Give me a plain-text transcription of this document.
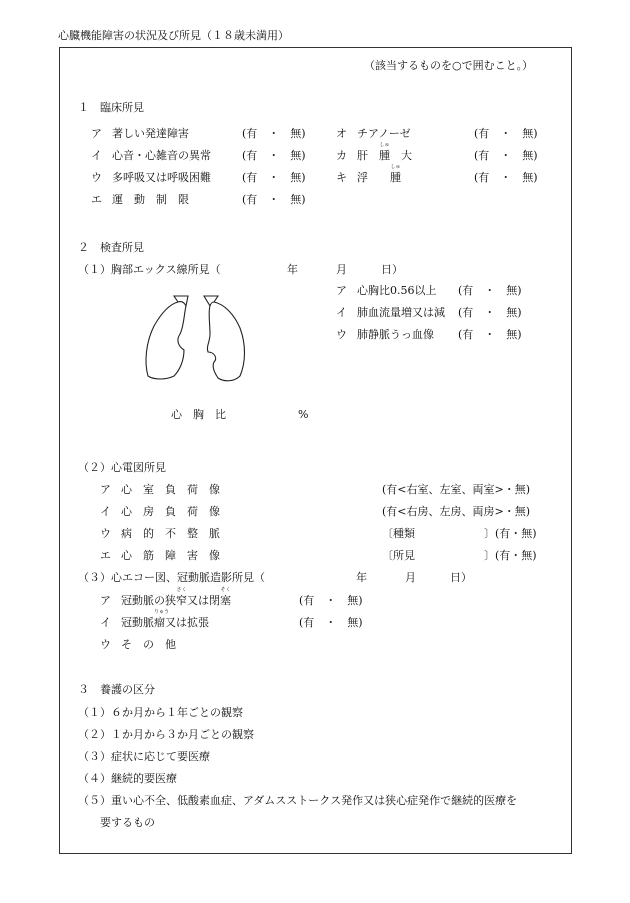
心臓機能障害の状況及び所見（１８歳未満用）
（該当するものを○で囲むこと。）
１　臨床所見
ア 著しい発達障害	(有　・　無)
イ 心音・心雑音の異常	(有　・　無)
ウ 多呼吸又は呼吸困難	(有　・　無)
エ 運　動　制　限	(有　・　無)
オ チアノーゼ	(有　・　無)
カ 肝　
しゅ
腫　大	(有　・　無)
キ 浮　　
しゅ
腫	(有　・　無)
２　検査所見
（１）胸部エックス線所見（	年	月	日）
ア 心胸比0.56以上 (有　・　無)
イ 肺血流量増又は減 (有　・　無)
ウ 肺静脈うっ血像 (有　・　無)
心　胸　比	%
（２）心電図所見
ア 心　室　負　荷　像	(有<右室、左室、両室>・無)
イ 心　房　負　荷　像	(有<右房、左房、両房>・無)
ウ 病　的　不　整　脈	〔種類	〕(有・無)
エ 心　筋　障　害　像	〔所見	〕(有・無)
（３）心エコー図、冠動脈造影所見（	年	月	日）
ア 冠動脈の狭
さく
窄又は閉
そく
塞	(有　・　無)
イ 冠動脈
りゅう
瘤又は拡張	(有　・　無)
ウ そ　の　他
３　養護の区分
（１）６か月から１年ごとの観察
（２）１か月から３か月ごとの観察
（３）症状に応じて要医療
（４）継続的要医療
（５）重い心不全、低酸素血症、アダムスストークス発作又は狭心症発作で継続的医療を
要するもの
